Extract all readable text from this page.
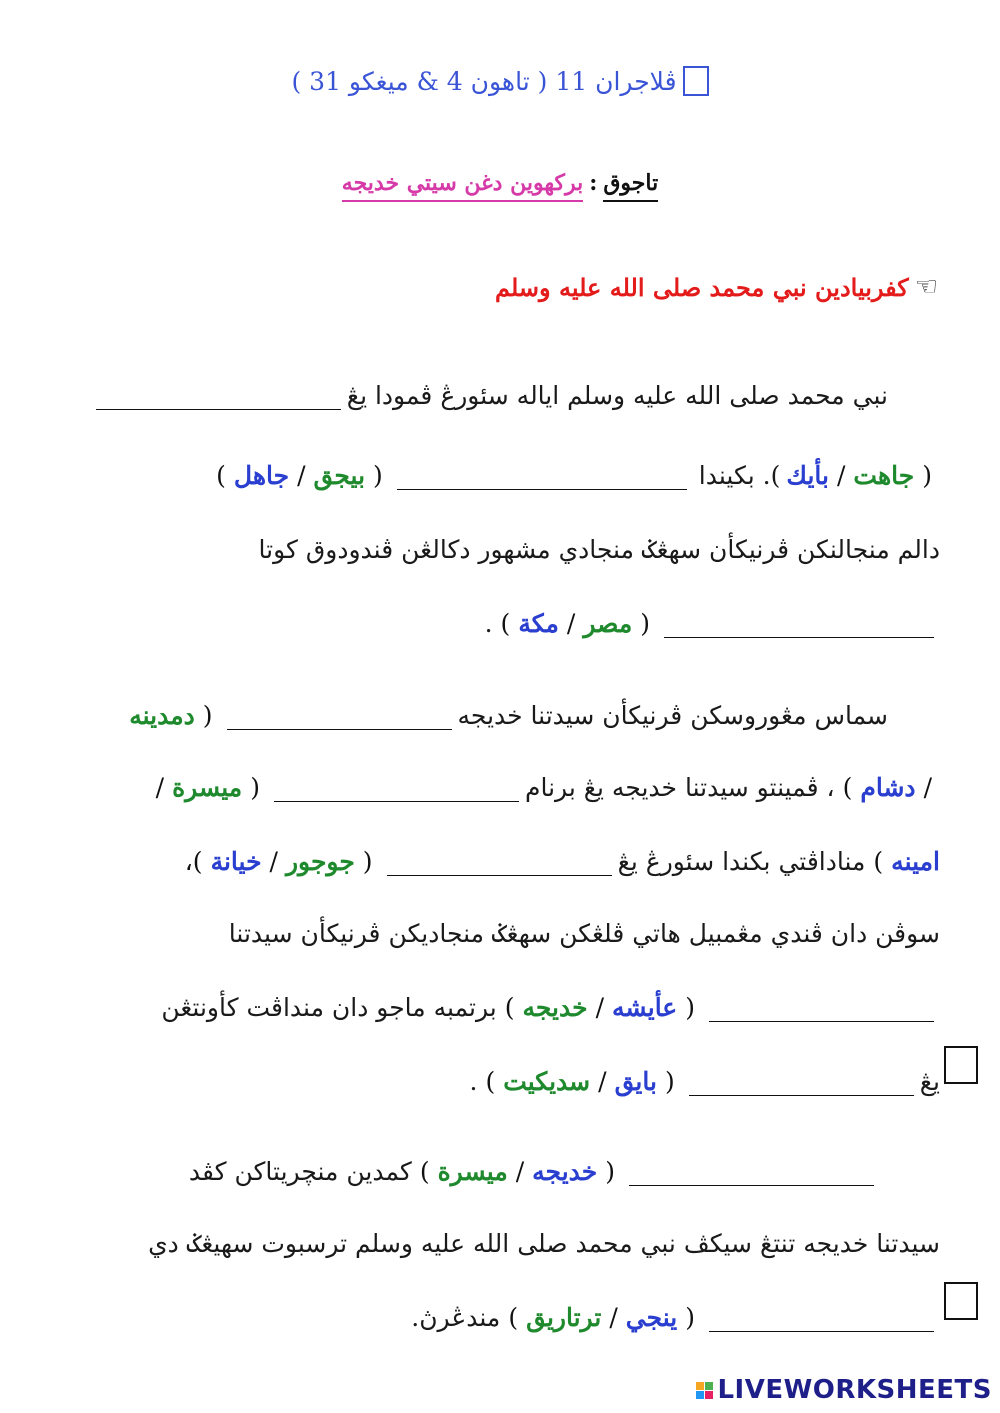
ڤلاجران 11 ( تاهون 4 & ميغکو 31 )
تاجوق
:
برکهوين دغن سيتي خديجه
☜
کفربيادين نبي محمد صلى الله عليه وسلم
نبي محمد صلى الله عليه وسلم اياله سئورڠ ڤمودا يڠ
(
جاهت
/
بأيك
). بکيندا
(
بيجق
/
جاهل
)
دالم منجالنکن ڤرنيکأن سهڠݢ منجادي مشهور دکالڠن ڤندودوق کوتا
(
مصر
/
مكة
)
.
سماس مڠوروسکن ڤرنيکأن سيدتنا خديجه
(
دمدينه
/
دشام
)
، ڤمينتو سيدتنا خديجه يڠ برنام
(
ميسرة
/
امينه
)
مناداڤتي بکندا سئورڠ يڠ
(
جوجور
/
خيانة
)،
سوڤن دان ڤندي مڠمبيل هاتي ڤلڠکن سهڠݢ منجاديکن ڤرنيکأن سيدتنا
(
عأيشه
/
خديجه
)
برتمبه ماجو دان منداڤت کأونتڠن
يڠ
(
بايق
/
سديکيت
)
.
(
خديجه
/
ميسرة
)
کمدين منچريتاکن کڤد
سيدتنا خديجه تنتڠ سيکڤ نبي محمد صلى الله عليه وسلم ترسبوت سهيڠݢ دي
(
ينجي
/
ترتاريق
)
مندڠرڽ.
LIVEWORKSHEETS
